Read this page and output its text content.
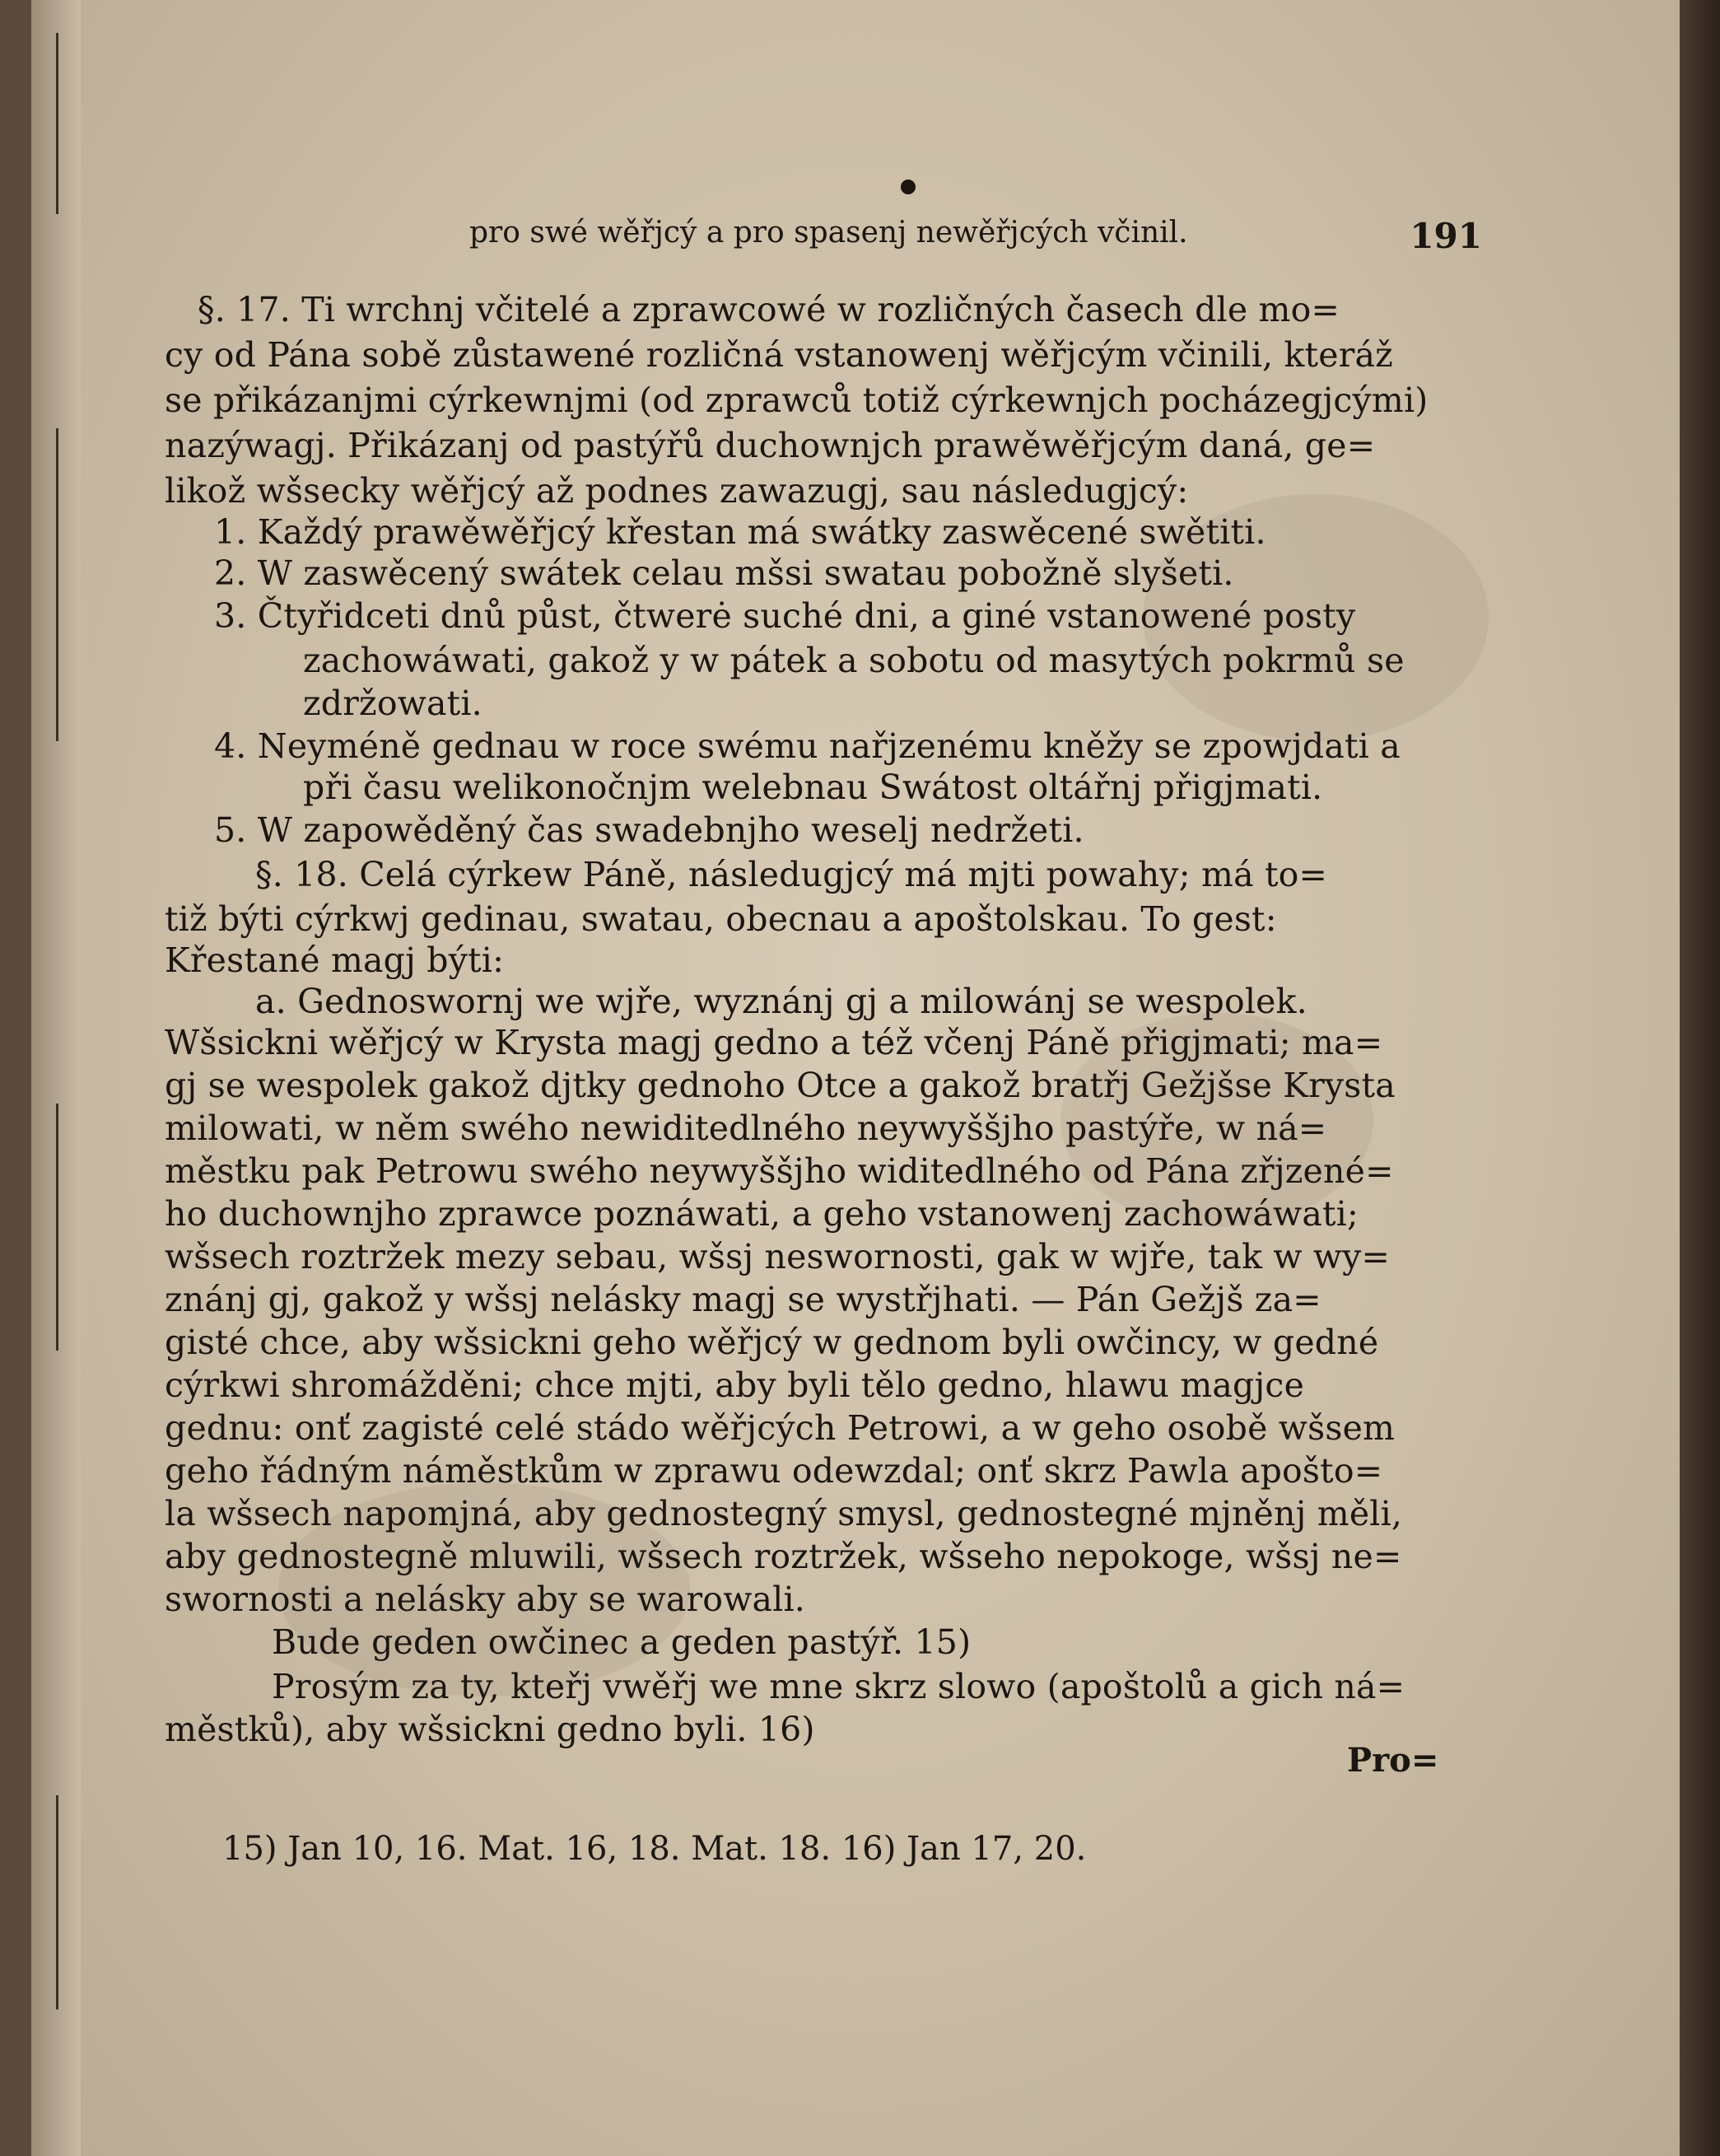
pro swé wěřjcý a pro spasenj newěřjcých včinil.	191
§. 17. Ti wrchnj včitelé a zprawcowé w rozličných časech dle mo=
cy od Pána sobě zůstawené rozličná vstanowenj wěřjcým včinili, kteráž
se přikázanjmi cýrkewnjmi (od zprawců totiž cýrkewnjch pocházegjcými)
nazýwagj. Přikázanj od pastýřů duchownjch prawěwěřjcým daná, ge=
likož wšsecky wěřjcý až podnes zawazugj, sau následugjcý:
1. Každý prawěwěřjcý křestan má swátky zaswěcené swětiti.
2. W zaswěcený swátek celau mšsi swatau pobožně slyšeti.
3. Čtyřidceti dnů půst, čtwerė suché dni, a giné vstanowené posty
zachowáwati, gakož y w pátek a sobotu od masytých pokrmů se
zdržowati.
4. Neyméně gednau w roce swému nařjzenému kněžy se zpowjdati a
při času welikonočnjm welebnau Swátost oltářnj přigjmati.
5. W zapowěděný čas swadebnjho weselj nedržeti.
§. 18. Celá cýrkew Páně, následugjcý má mjti powahy; má to=
tiž býti cýrkwj gedinau, swatau, obecnau a apoštolskau. To gest:
Křestané magj býti:
a. Gednoswornj we wjře, wyznánj gj a milowánj se wespolek.
Wšsickni wěřjcý w Krysta magj gedno a též včenj Páně přigjmati; ma=
gj se wespolek gakož djtky gednoho Otce a gakož bratřj Gežjšse Krysta
milowati, w něm swého newiditedlného neywyššjho pastýře, w ná=
městku pak Petrowu swého neywyššjho widitedlného od Pána zřjzené=
ho duchownjho zprawce poznáwati, a geho vstanowenj zachowáwati;
wšsech roztržek mezy sebau, wšsj neswornosti, gak w wjře, tak w wy=
znánj gj, gakož y wšsj nelásky magj se wystřjhati. — Pán Gežjš za=
gisté chce, aby wšsickni geho wěřjcý w gednom byli owčincy, w gedné
cýrkwi shromážděni; chce mjti, aby byli tělo gedno, hlawu magjce
gednu: onť zagisté celé stádo wěřjcých Petrowi, a w geho osobě wšsem
geho řádným náměstkům w zprawu odewzdal; onť skrz Pawla apošto=
la wšsech napomjná, aby gednostegný smysl, gednostegné mjněnj měli,
aby gednostegně mluwili, wšsech roztržek, wšseho nepokoge, wšsj ne=
swornosti a nelásky aby se warowali.
Bude geden owčinec a geden pastýř. 15)
Prosým za ty, kteřj vwěřj we mne skrz slowo (apoštolů a gich ná=
městků), aby wšsickni gedno byli. 16)
Pro=
15) Jan 10, 16. Mat. 16, 18. Mat. 18. 16) Jan 17, 20.
